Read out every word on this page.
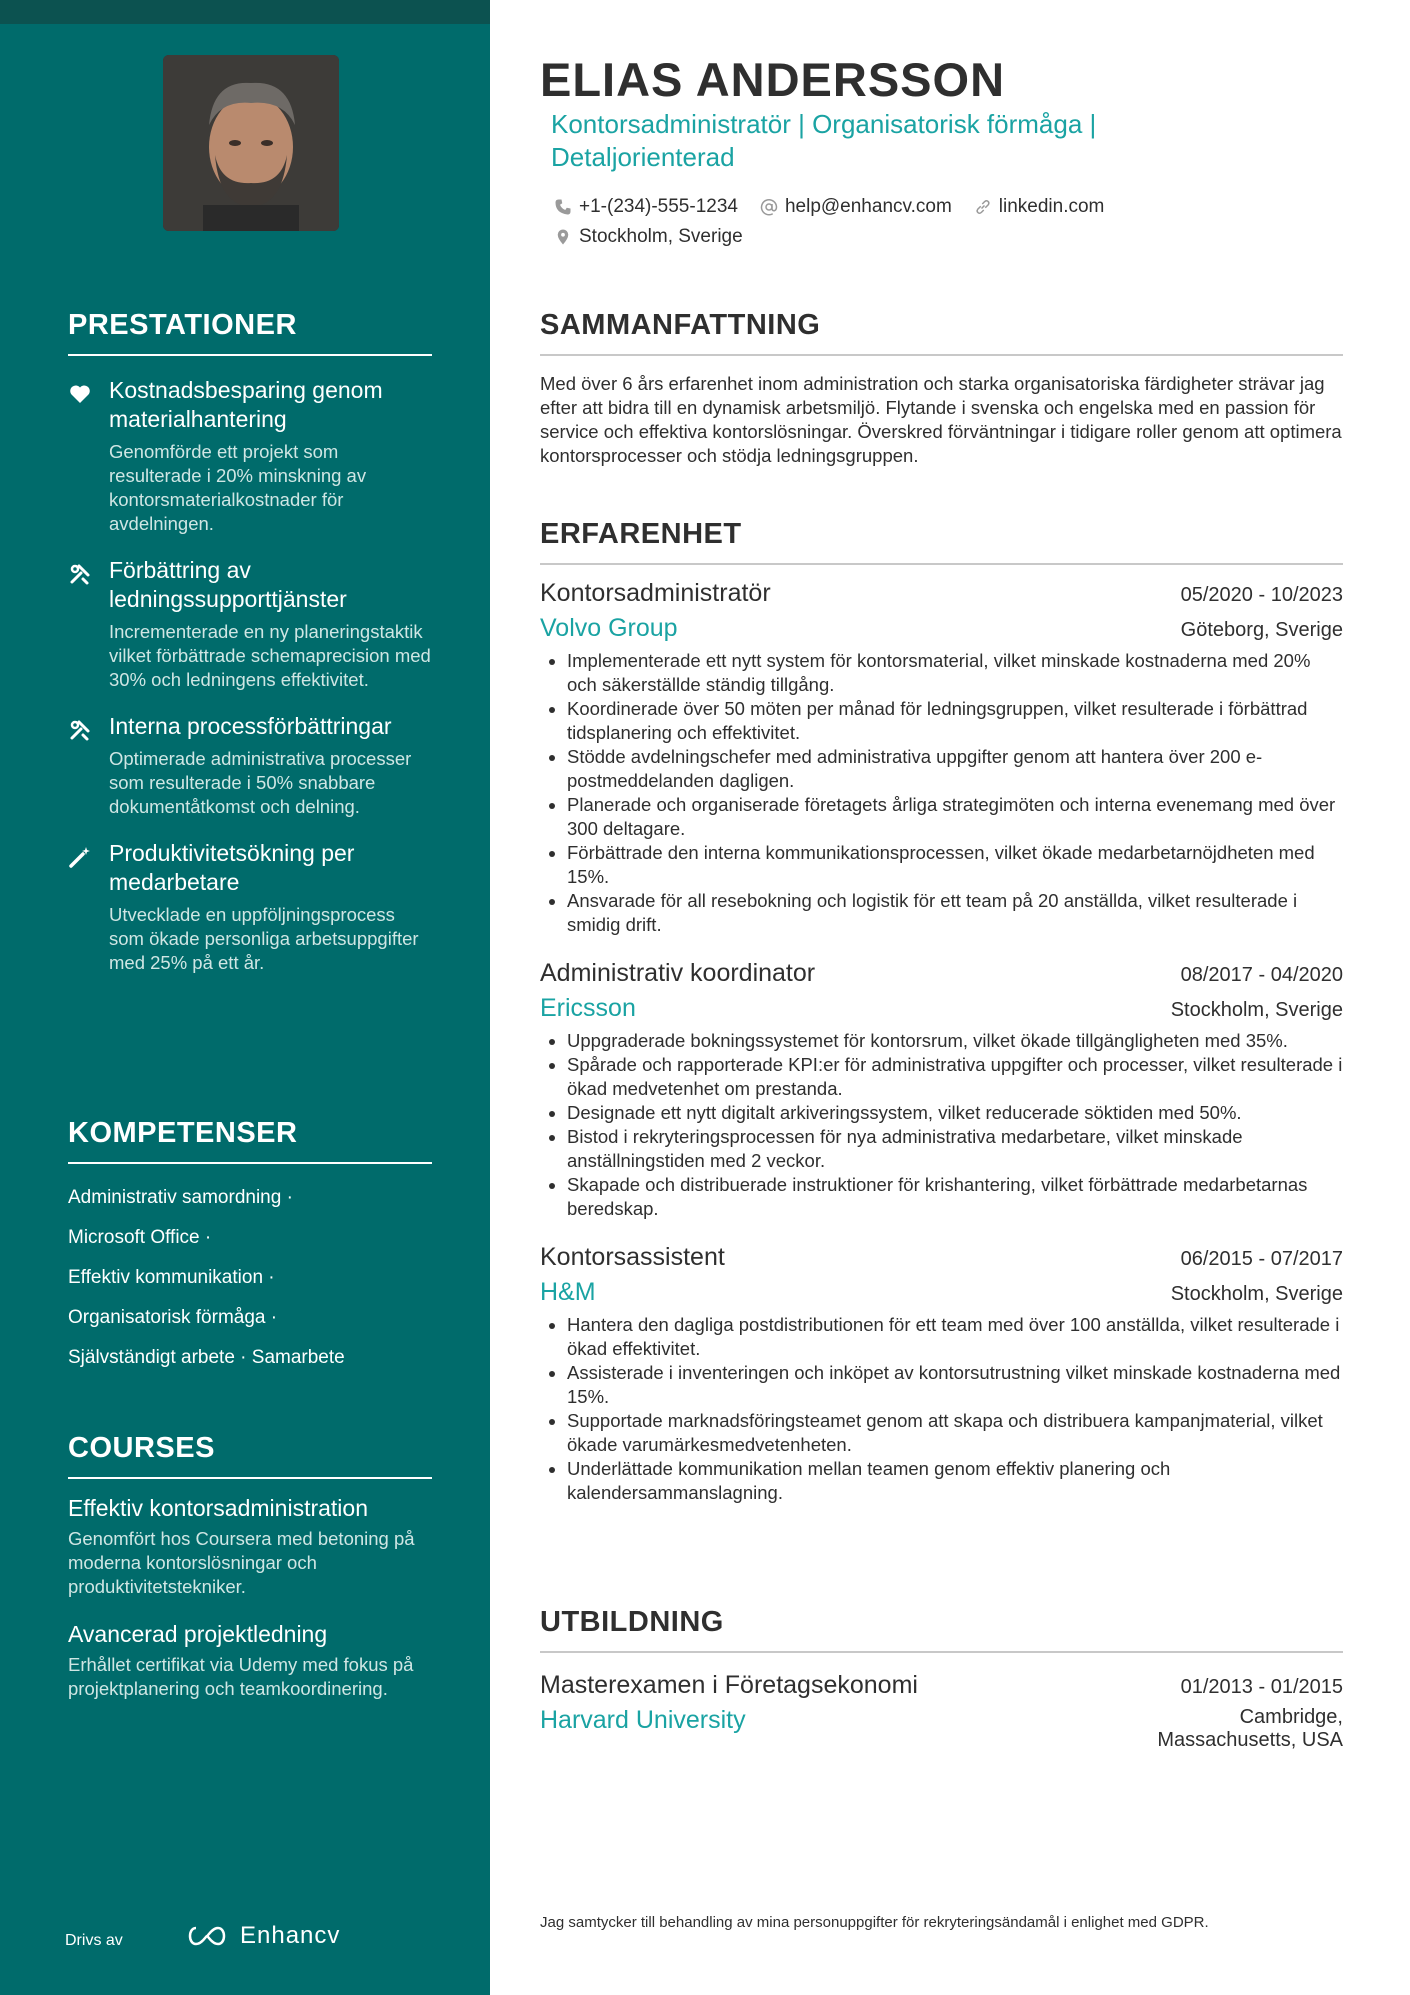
PRESTATIONER
Kostnadsbesparing genom materialhantering
Genomförde ett projekt som resulterade i 20% minskning av kontorsmaterialkostnader för avdelningen.
Förbättring av ledningssupporttjänster
Incrementerade en ny planeringstaktik vilket förbättrade schemaprecision med 30% och ledningens effektivitet.
Interna processförbättringar
Optimerade administrativa processer som resulterade i 50% snabbare dokumentåtkomst och delning.
Produktivitetsökning per medarbetare
Utvecklade en uppföljningsprocess som ökade personliga arbetsuppgifter med 25% på ett år.
KOMPETENSER
Administrativ samordning ·
Microsoft Office ·
Effektiv kommunikation ·
Organisatorisk förmåga ·
Självständigt arbete · Samarbete
COURSES
Effektiv kontorsadministration
Genomfört hos Coursera med betoning på moderna kontorslösningar och produktivitetstekniker.
Avancerad projektledning
Erhållet certifikat via Udemy med fokus på projektplanering och teamkoordinering.
Drivs av	Enhancv
ELIAS ANDERSSON
Kontorsadministratör | Organisatorisk förmåga |
Detaljorienterad
+1-(234)-555-1234 help@enhancv.com linkedin.com
Stockholm, Sverige
SAMMANFATTNING
Med över 6 års erfarenhet inom administration och starka organisatoriska färdigheter strävar jag efter att bidra till en dynamisk arbetsmiljö. Flytande i svenska och engelska med en passion för service och effektiva kontorslösningar. Överskred förväntningar i tidigare roller genom att optimera kontorsprocesser och stödja ledningsgruppen.
ERFARENHET
Kontorsadministratör	05/2020 - 10/2023
Volvo Group	Göteborg, Sverige
• Implementerade ett nytt system för kontorsmaterial, vilket minskade kostnaderna med 20% och säkerställde ständig tillgång.
• Koordinerade över 50 möten per månad för ledningsgruppen, vilket resulterade i förbättrad tidsplanering och effektivitet.
• Stödde avdelningschefer med administrativa uppgifter genom att hantera över 200 e-postmeddelanden dagligen.
• Planerade och organiserade företagets årliga strategimöten och interna evenemang med över 300 deltagare.
• Förbättrade den interna kommunikationsprocessen, vilket ökade medarbetarnöjdheten med 15%.
• Ansvarade för all resebokning och logistik för ett team på 20 anställda, vilket resulterade i smidig drift.
Administrativ koordinator	08/2017 - 04/2020
Ericsson	Stockholm, Sverige
• Uppgraderade bokningssystemet för kontorsrum, vilket ökade tillgängligheten med 35%.
• Spårade och rapporterade KPI:er för administrativa uppgifter och processer, vilket resulterade i ökad medvetenhet om prestanda.
• Designade ett nytt digitalt arkiveringssystem, vilket reducerade söktiden med 50%.
• Bistod i rekryteringsprocessen för nya administrativa medarbetare, vilket minskade anställningstiden med 2 veckor.
• Skapade och distribuerade instruktioner för krishantering, vilket förbättrade medarbetarnas beredskap.
Kontorsassistent	06/2015 - 07/2017
H&M	Stockholm, Sverige
• Hantera den dagliga postdistributionen för ett team med över 100 anställda, vilket resulterade i ökad effektivitet.
• Assisterade i inventeringen och inköpet av kontorsutrustning vilket minskade kostnaderna med 15%.
• Supportade marknadsföringsteamet genom att skapa och distribuera kampanjmaterial, vilket ökade varumärkesmedvetenheten.
• Underlättade kommunikation mellan teamen genom effektiv planering och kalendersammanslagning.
UTBILDNING
Masterexamen i Företagsekonomi	01/2013 - 01/2015
Harvard University	Cambridge,
Massachusetts, USA
Jag samtycker till behandling av mina personuppgifter för rekryteringsändamål i enlighet med GDPR.
